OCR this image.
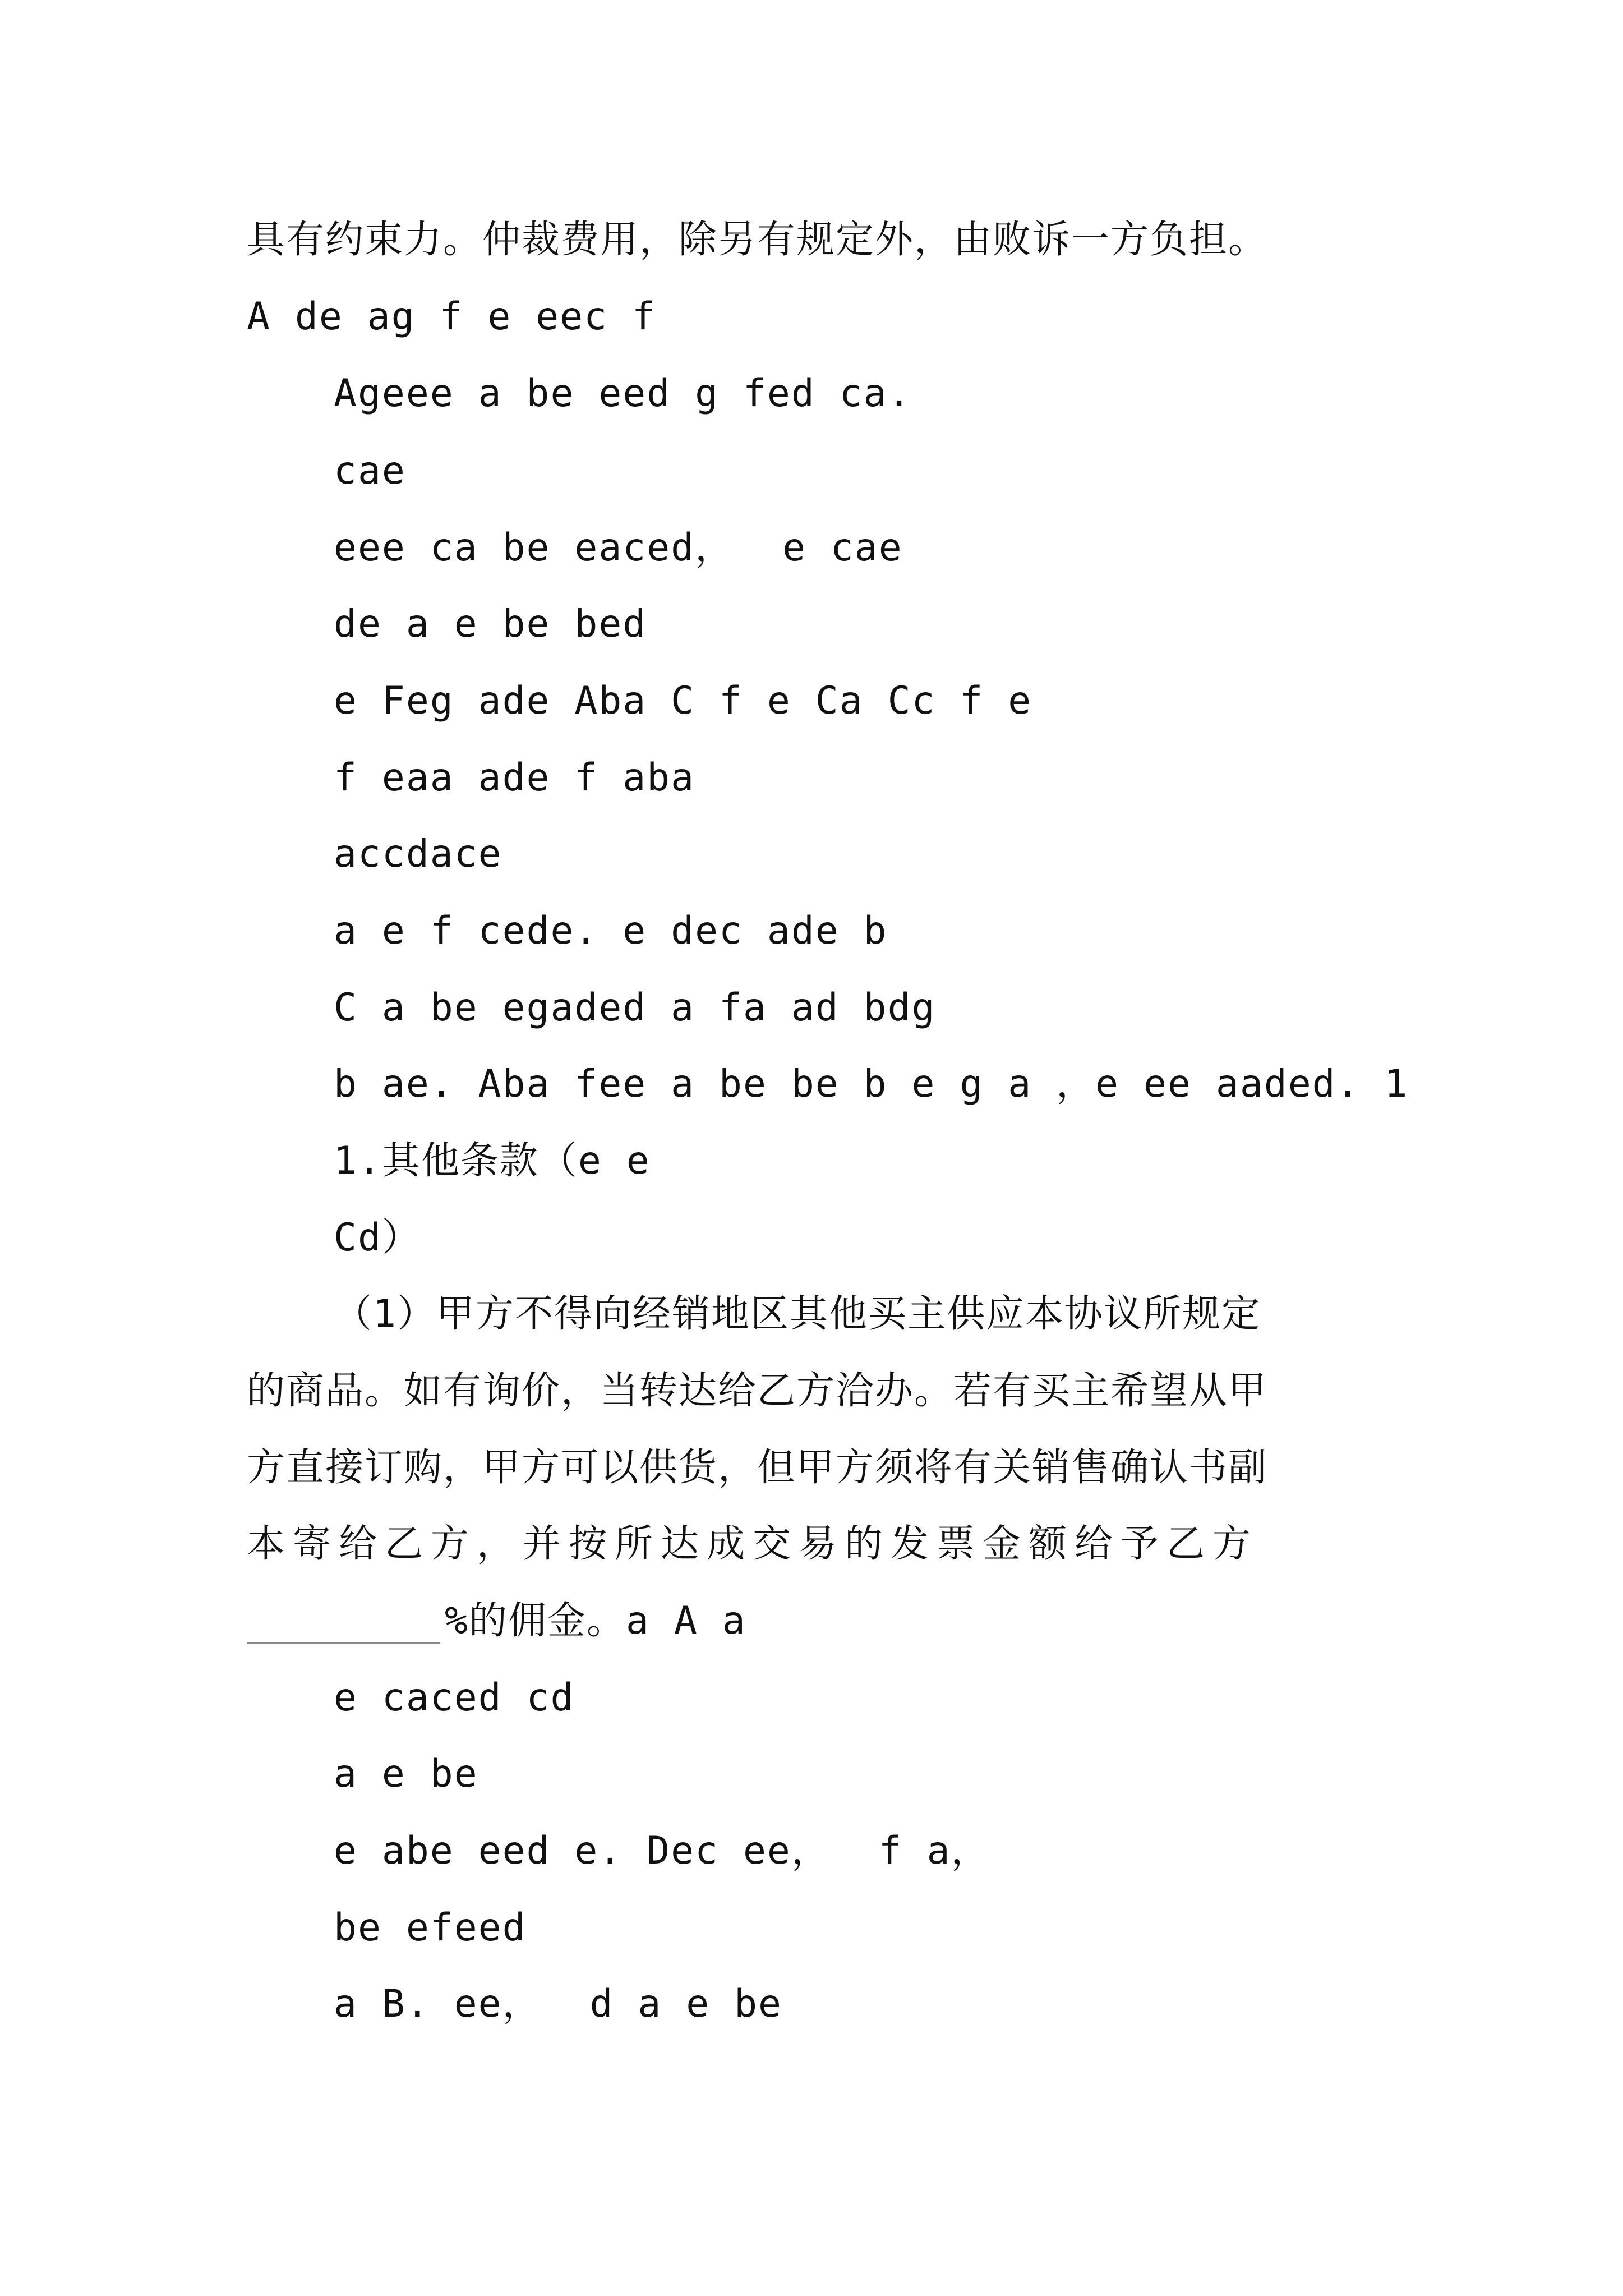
具有约束力。仲裁费用，除另有规定外，由败诉一方负担。
A de ag f e eec f
Ageee a be eed g fed ca.
cae
eee ca be eaced，  e cae
de a e be bed
e Feg ade Aba C f e Ca Cc f e
f eaa ade f aba
accdace
a e f cede. e dec ade b
C a be egaded a fa ad bdg
b ae. Aba fee a be be b e g a ，e ee aaded. 1
1.其他条款（e e
Cd）
（1）甲方不得向经销地区其他买主供应本协议所规定
的商品。如有询价，当转达给乙方洽办。若有买主希望从甲
方直接订购，甲方可以供货，但甲方须将有关销售确认书副
本寄给乙方，并按所达成交易的发票金额给予乙方
%的佣金。a A a
e caced cd
a e be
e abe eed e. Dec ee，  f a，
be efeed
a B. ee，  d a e be
